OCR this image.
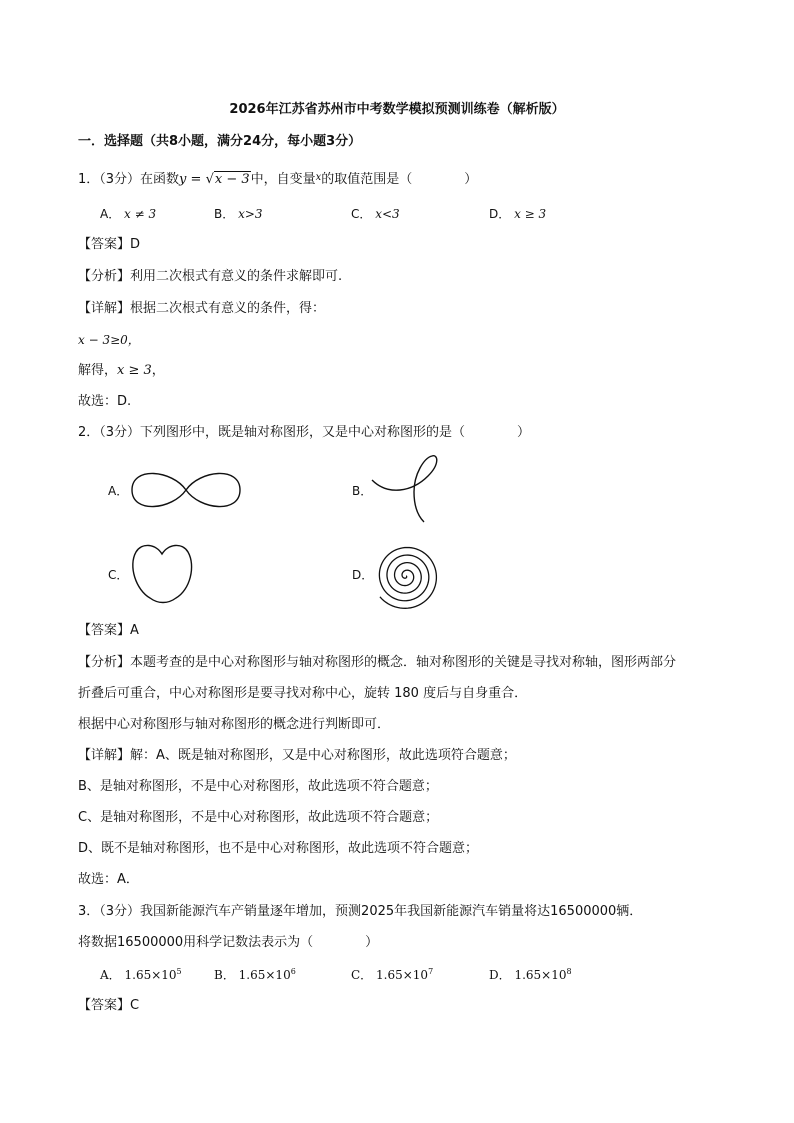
2026年江苏省苏州市中考数学模拟预测训练卷（解析版）
一．选择题（共8小题，满分24分，每小题3分）
1．（3分）在函数y = √x − 3中，自变量$^x$的取值范围是（　　　　）
A． x ≠ 3	B． x>3	C． x<3	D． x ≥ 3
【答案】D
【分析】利用二次根式有意义的条件求解即可.
【详解】根据二次根式有意义的条件，得：
x − 3≥0，
解得，x ≥ 3，
故选：D.
2．（3分）下列图形中，既是轴对称图形，又是中心对称图形的是（　　　　）
A．	B．
C．	D．
【答案】A
【分析】本题考查的是中心对称图形与轴对称图形的概念．轴对称图形的关键是寻找对称轴，图形两部分
折叠后可重合，中心对称图形是要寻找对称中心，旋转 180 度后与自身重合．
根据中心对称图形与轴对称图形的概念进行判断即可．
【详解】解：A、既是轴对称图形，又是中心对称图形，故此选项符合题意；
B、是轴对称图形，不是中心对称图形，故此选项不符合题意；
C、是轴对称图形，不是中心对称图形，故此选项不符合题意；
D、既不是轴对称图形，也不是中心对称图形，故此选项不符合题意；
故选：A．
3．（3分）我国新能源汽车产销量逐年增加，预测2025年我国新能源汽车销量将达16500000辆．
将数据16500000用科学记数法表示为（　　　　）
A． $1.65\times 10^5$	B． $1.65\times 10^6$	C． $1.65\times 10^7$	D． $1.65\times 10^8$
【答案】C
